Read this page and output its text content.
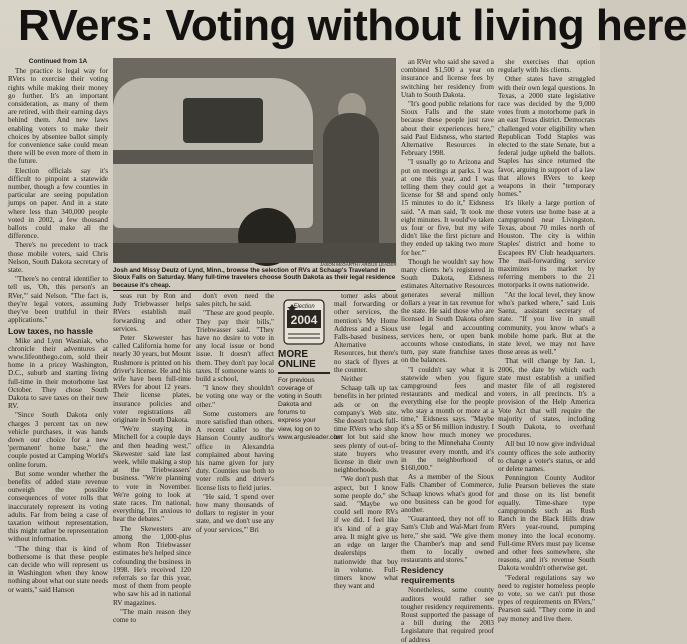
RVers: Voting without living here

Continued from 1A

The practice is legal way for RVers to exercise their voting rights while making their money go further. It's an important consideration, as many of them are retired, with their earning days behind them. And new laws enabling voters to make their choices by absentee ballot simply for convenience sake could mean there will be even more of them in the future.

Election officials say it's difficult to pinpoint a statewide number, though a few counties in particular are seeing population jumps on paper. And in a state where less than 340,000 people voted in 2002, a few thousand ballots could make all the difference.

There's no precedent to track those mobile voters, said Chris Nelson, South Dakota secretary of state.

"There's no central identifier to tell us, 'Oh, this person's an RVer,'" said Nelson. "The fact is, they're legal voters, assuming they've been truthful in their applications."

Low taxes, no hassle

Mike and Lynn Wasniak, who chronicle their adventures at www.lifeonthego.com, sold their home in a pricey Washington, D.C., suburb and starting living full-time in their motorhome last October. They chose South Dakota to save taxes on their new RV.

"Since South Dakota only charges 3 percent tax on new vehicle purchases, it was hands down our choice for a new 'permanent' home base," the couple posted at Camping World's online forum.

But some wonder whether the benefits of added state revenue outweigh the possible consequences of voter rolls that inaccurately represent its voting adults. Far from being a case of taxation without representation, this might rather be representation without information.

"The thing that is kind of bothersome is that these people can decide who will represent us in Washington when they know nothing about what our state needs or wants," said Hanson

JASON McGARTH / ARGUS LEADER
Josh and Missy Deutz of Lynd, Minn., browse the selection of RVs at Schaap's Traveland in Sioux Falls on Saturday. Many full-time travelers choose South Dakota as their legal residence because it's cheap.

seas run by Ron and Judy Triebwasser helps RVers establish mail forwarding and other services.

Peter Skewester has called California home for nearly 30 years, but Mount Rushmore is printed on his driver's license. He and his wife have been full-time RVers for about 12 years. Their license plates, insurance policies and voter registrations all originate in South Dakota.

"We're staying in Mitchell for a couple days and then heading west," Skewester said late last week, while making a stop at the Triebwassers' business. "We're planning to vote in November. We're going to look at state races. I'm national, everything. I'm anxious to hear the debates."

The Skewesters are among the 1,000-plus whom Ron Triebwasser estimates he's helped since cofounding the business in 1998. He's received 120 referrals so far this year, most of them from people who saw his ad in national RV magazines.

"The main reason they come to

don't even need the sales pitch, he said.

"These are good people. They pay their bills," Triebwasser said. "They have no desire to vote in any local issue or bond issue. It doesn't affect them. They don't pay local taxes. If someone wants to build a school,

"I know they shouldn't be voting one way or the other."

Some customers are more satisfied than others. A recent caller to the Hanson County auditor's office in Alexandria complained about having his name given for jury duty. Counties use both to voter rolls and driver's license lists to field juries.

"He said, 'I spend over how many thousands of dollars to register in your state, and we don't use any of your services,'" Bri

Election
2004
MORE ONLINE
For previous coverage of voting in South Dakota and forums to express your view, log on to www.argusleader.com

tomer asks about mail forwarding or other services, the mention's My Home Address and a Sioux Falls-based business, Alternative Resources, but there's no stack of flyers at the counter.

Neither

Schaap talk up tax benefits in her printed ads or on the company's Web site. She doesn't track full-time RVers who shop her lot but said she sees plenty of out-of-state buyers who license in their own neighborhoods.

"We don't push that aspect, but I know some people do," she said. "Maybe we could sell more RVs if we did. I feel like it's kind of a gray area. It might give us an edge on larger dealerships nationwide that buy in volume. Full-timers know what they want and

an RVer who said she saved a combined $1,500 a year on insurance and license fees by switching her residency from Utah to South Dakota.

"It's good public relations for Sioux Falls and the state because these people just rave about their experiences here," said Paul Eidsness, who started Alternative Resources in February 1998.

"I usually go to Arizona and put on meetings at parks. I was at one this year, and I was telling them they could get a license for $8 and spend only 15 minutes to do it," Eidsness said. "A man said, 'It took me eight minutes. It would've taken us four or five, but my wife didn't like the first picture and they ended up taking two more for her.'"

Though he wouldn't say how many clients he's registered in South Dakota, Eidsness estimates Alternative Resources generates several million dollars a year in tax revenue for the state. He said those who are licensed in South Dakota often use legal and accounting services here, or open bank accounts whose custodians, in turn, pay state franchise taxes on the balances.

"I couldn't say what it is statewide when you figure campground fees and restaurants and medical and everything else for the people who stay a month or more at a time," Eidsness says. "Maybe it's a $5 or $6 million industry. I know how much money we bring to the Minnehaha County treasurer every month, and it's in the neighborhood of $160,000."

As a member of the Sioux Falls Chamber of Commerce, Schaap knows what's good for one business can be good for another.

"Guaranteed, they not off to Sam's Club and Wal-Mart from here," she said. "We give them the Chamber's map and send them to locally owned restaurants and stores."

Residency requirements

Nonetheless, some county auditors would rather see tougher residency requirements. Roust supported the passage of a bill during the 2003 Legislature that required proof of address

she exercises that option regularly with his clients.

Other states have struggled with their own legal questions. In Texas, a 2000 state legislative race was decided by the 9,000 votes from a motorhome park in an east Texas district. Democrats challenged voter eligibility when Republican Todd Staples was elected to the state Senate, but a federal judge upheld the ballots. Staples has since returned the favor, arguing in support of a law that allows RVers to keep weapons in their "temporary homes."

It's likely a large portion of those voters use home base at a campground near Livingston, Texas, about 70 miles north of Houston. The city is within Staples' district and home to Escapees RV Club headquarters. The mail-forwarding service maximizes its market by referring members to the 21 motorparks it owns nationwide.

"At the local level, they know who's parked where," said Luis Saenz, assistant secretary of state. "If you live in small community, you know what's a mobile home park. But at the state level, we may not have those areas as well."

That will change by Jan. 1, 2006, the date by which each state must establish a unified master file of all registered voters, in all precincts. It's a provision of the Help America Vote Act that will require the majority of states, including South Dakota, to overhaul procedures.

All but 10 now give individual county offices the sole authority to change a voter's status, or add or delete names.

Pennington County Auditor Julie Pearson believes the state and those on its list benefit equally. Time-share type campgrounds such as Rush Ranch in the Black Hills draw RVers year-round, pumping money into the local economy. Full-time RVers must pay license and other fees somewhere, she reasons, and it's revenue South Dakota wouldn't otherwise get.

"Federal regulations say we need to register homeless people to vote, so we can't put those types of requirements on RVers," Pearson said. "They come in and pay money and live there.
